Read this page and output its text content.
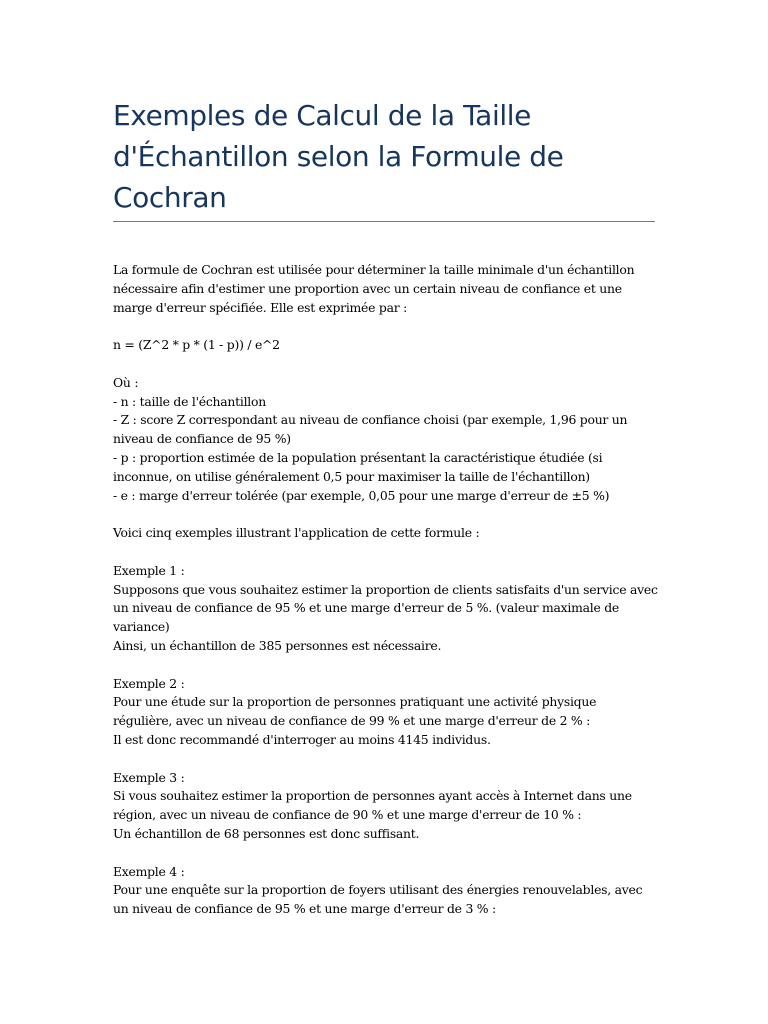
Exemples de Calcul de la Taille d'Échantillon selon la Formule de Cochran

La formule de Cochran est utilisée pour déterminer la taille minimale d'un échantillon nécessaire afin d'estimer une proportion avec un certain niveau de confiance et une marge d'erreur spécifiée. Elle est exprimée par :

n = (Z^2 * p * (1 - p)) / e^2

Où :
- n : taille de l'échantillon
- Z : score Z correspondant au niveau de confiance choisi (par exemple, 1,96 pour un niveau de confiance de 95 %)
- p : proportion estimée de la population présentant la caractéristique étudiée (si inconnue, on utilise généralement 0,5 pour maximiser la taille de l'échantillon)
- e : marge d'erreur tolérée (par exemple, 0,05 pour une marge d'erreur de ±5 %)

Voici cinq exemples illustrant l'application de cette formule :

Exemple 1 :
Supposons que vous souhaitez estimer la proportion de clients satisfaits d'un service avec un niveau de confiance de 95 % et une marge d'erreur de 5 %. (valeur maximale de variance)
Ainsi, un échantillon de 385 personnes est nécessaire.

Exemple 2 :
Pour une étude sur la proportion de personnes pratiquant une activité physique régulière, avec un niveau de confiance de 99 % et une marge d'erreur de 2 % :
Il est donc recommandé d'interroger au moins 4145 individus.

Exemple 3 :
Si vous souhaitez estimer la proportion de personnes ayant accès à Internet dans une région, avec un niveau de confiance de 90 % et une marge d'erreur de 10 % :
Un échantillon de 68 personnes est donc suffisant.

Exemple 4 :
Pour une enquête sur la proportion de foyers utilisant des énergies renouvelables, avec un niveau de confiance de 95 % et une marge d'erreur de 3 % :
